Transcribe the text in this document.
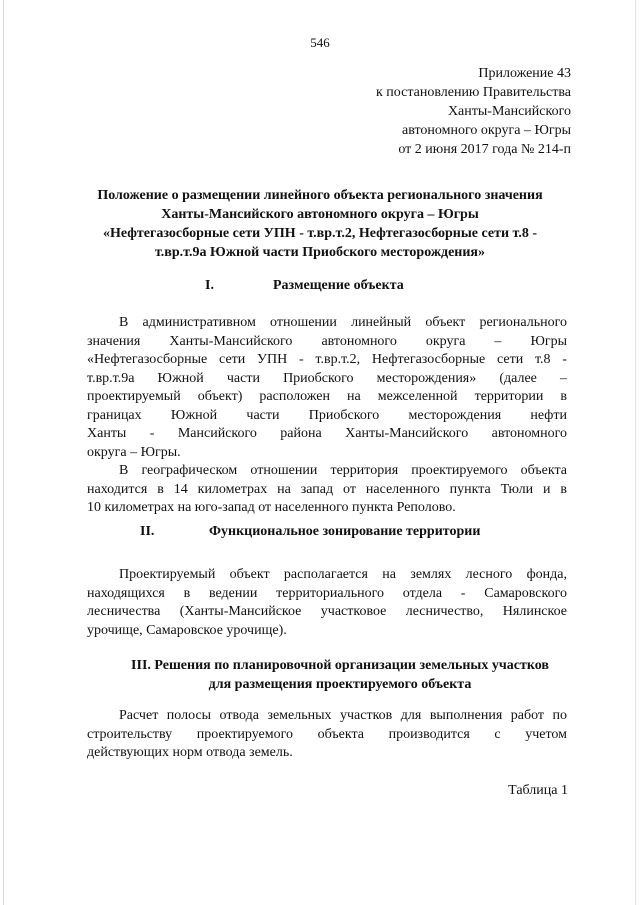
546
Приложение 43
к постановлению Правительства
Ханты-Мансийского
автономного округа – Югры
от 2 июня 2017 года № 214-п
Положение о размещении линейного объекта регионального значения
Ханты-Мансийского автономного округа – Югры
«Нефтегазосборные сети УПН - т.вр.т.2, Нефтегазосборные сети т.8 -
т.вр.т.9а Южной части Приобского месторождения»
I.	Размещение объекта
В административном отношении линейный объект регионального
значения Ханты-Мансийского автономного округа – Югры
«Нефтегазосборные сети УПН - т.вр.т.2, Нефтегазосборные сети т.8 -
т.вр.т.9а Южной части Приобского месторождения» (далее –
проектируемый объект) расположен на межселенной территории в
границах Южной части Приобского месторождения нефти
Ханты - Мансийского района Ханты-Мансийского автономного
округа – Югры.
В географическом отношении территория проектируемого объекта
находится в 14 километрах на запад от населенного пункта Тюли и в
10 километрах на юго-запад от населенного пункта Реполово.
II.	Функциональное зонирование территории
Проектируемый объект располагается на землях лесного фонда,
находящихся в ведении территориального отдела - Самаровского
лесничества (Ханты-Мансийское участковое лесничество, Нялинское
урочище, Самаровское урочище).
III. Решения по планировочной организации земельных участков
для размещения проектируемого объекта
Расчет полосы отвода земельных участков для выполнения работ по
строительству проектируемого объекта производится с учетом
действующих норм отвода земель.
Таблица 1
